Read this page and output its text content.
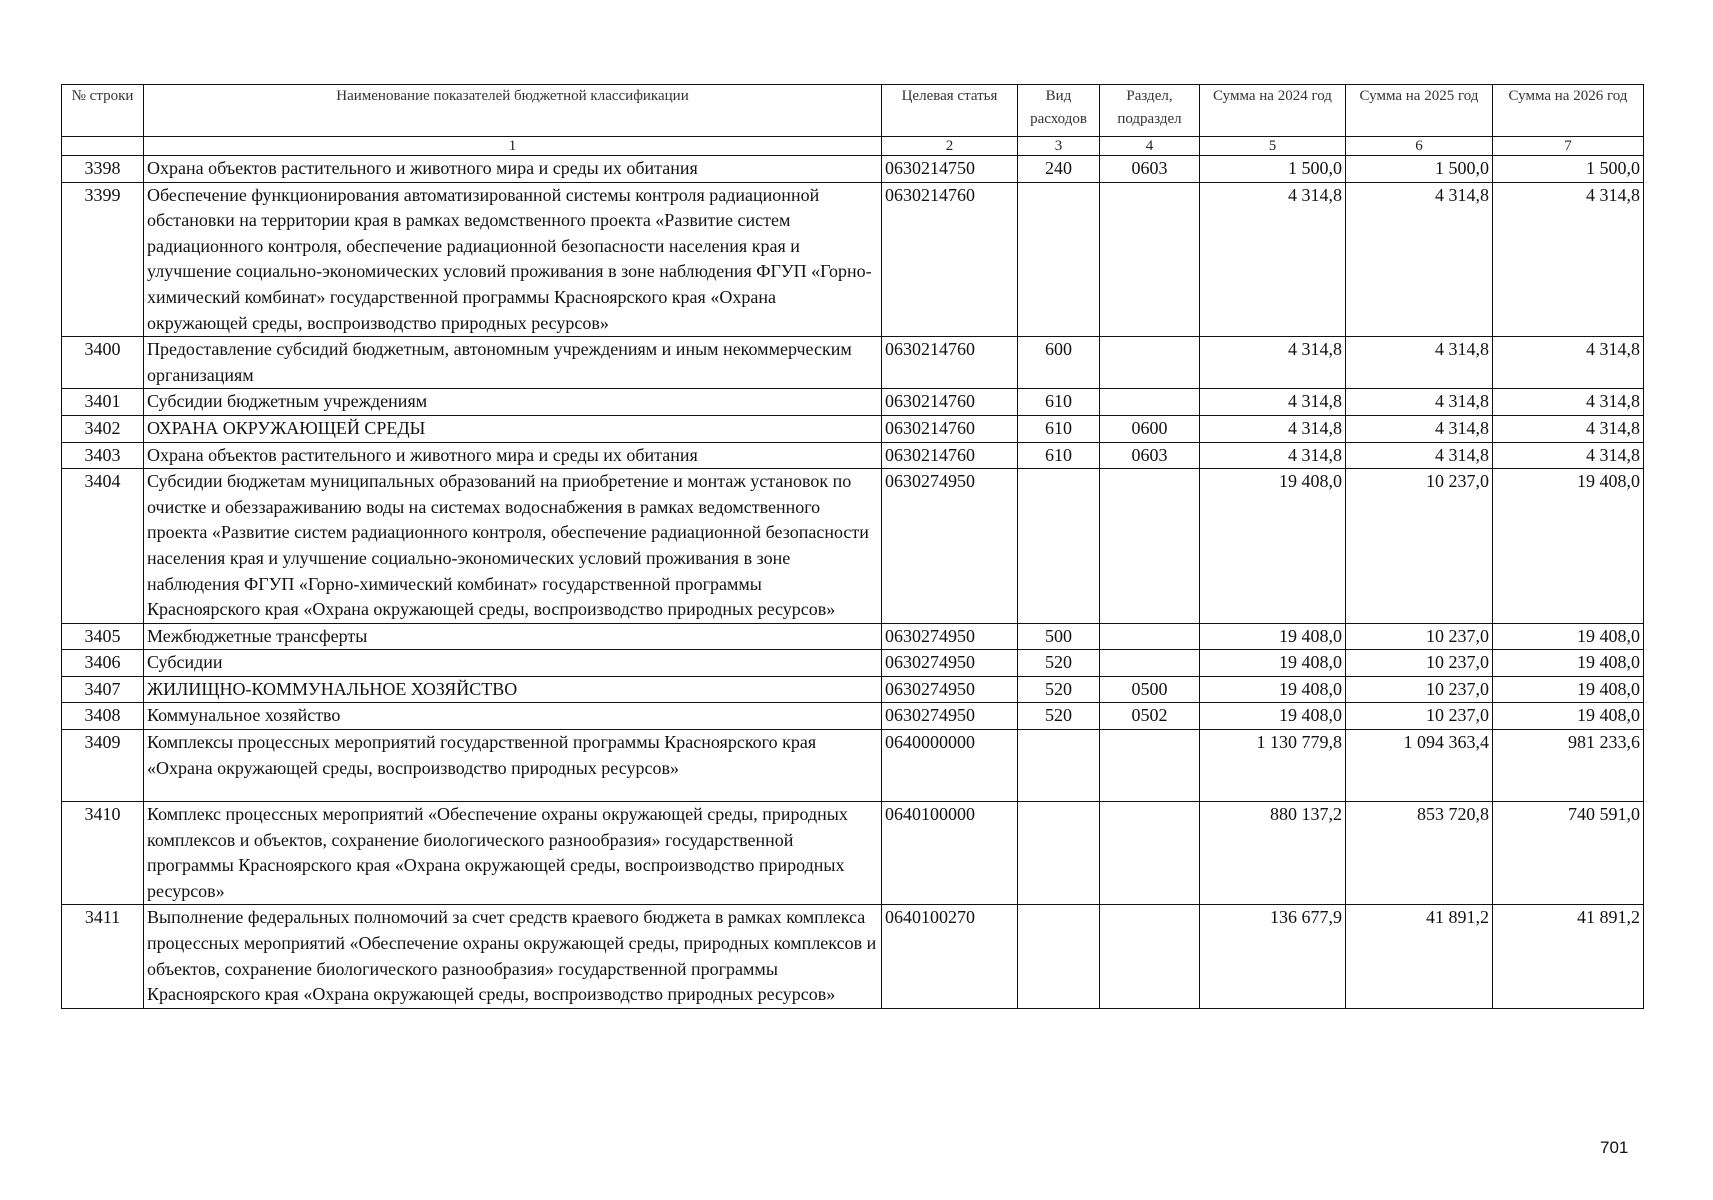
№ строки	Наименование показателей бюджетной классификации	Целевая статья	Вид расходов	Раздел, подраздел	Сумма на 2024 год	Сумма на 2025 год	Сумма на 2026 год
	1	2	3	4	5	6	7
3398	Охрана объектов растительного и животного мира и среды их обитания	0630214750	240	0603	1 500,0	1 500,0	1 500,0
3399	Обеспечение функционирования автоматизированной системы контроля радиационной обстановки на территории края в рамках ведомственного проекта «Развитие систем радиационного контроля, обеспечение радиационной безопасности населения края и улучшение социально-экономических условий проживания в зоне наблюдения ФГУП «Горно-химический комбинат» государственной программы Красноярского края «Охрана окружающей среды, воспроизводство природных ресурсов»	0630214760			4 314,8	4 314,8	4 314,8
3400	Предоставление субсидий бюджетным, автономным учреждениям и иным некоммерческим организациям	0630214760	600		4 314,8	4 314,8	4 314,8
3401	Субсидии бюджетным учреждениям	0630214760	610		4 314,8	4 314,8	4 314,8
3402	ОХРАНА ОКРУЖАЮЩЕЙ СРЕДЫ	0630214760	610	0600	4 314,8	4 314,8	4 314,8
3403	Охрана объектов растительного и животного мира и среды их обитания	0630214760	610	0603	4 314,8	4 314,8	4 314,8
3404	Субсидии бюджетам муниципальных образований на приобретение и монтаж установок по очистке и обеззараживанию воды на системах водоснабжения в рамках ведомственного проекта «Развитие систем радиационного контроля, обеспечение радиационной безопасности населения края и улучшение социально-экономических условий проживания в зоне наблюдения ФГУП «Горно-химический комбинат» государственной программы Красноярского края «Охрана окружающей среды, воспроизводство природных ресурсов»	0630274950			19 408,0	10 237,0	19 408,0
3405	Межбюджетные трансферты	0630274950	500		19 408,0	10 237,0	19 408,0
3406	Субсидии	0630274950	520		19 408,0	10 237,0	19 408,0
3407	ЖИЛИЩНО-КОММУНАЛЬНОЕ ХОЗЯЙСТВО	0630274950	520	0500	19 408,0	10 237,0	19 408,0
3408	Коммунальное хозяйство	0630274950	520	0502	19 408,0	10 237,0	19 408,0
3409	Комплексы процессных мероприятий государственной программы Красноярского края «Охрана окружающей среды, воспроизводство природных ресурсов»	0640000000			1 130 779,8	1 094 363,4	981 233,6
3410	Комплекс процессных мероприятий «Обеспечение охраны окружающей среды, природных комплексов и объектов, сохранение биологического разнообразия» государственной программы Красноярского края «Охрана окружающей среды, воспроизводство природных ресурсов»	0640100000			880 137,2	853 720,8	740 591,0
3411	Выполнение федеральных полномочий за счет средств краевого бюджета в рамках комплекса процессных мероприятий «Обеспечение охраны окружающей среды, природных комплексов и объектов, сохранение биологического разнообразия» государственной программы Красноярского края «Охрана окружающей среды, воспроизводство природных ресурсов»	0640100270			136 677,9	41 891,2	41 891,2
701
